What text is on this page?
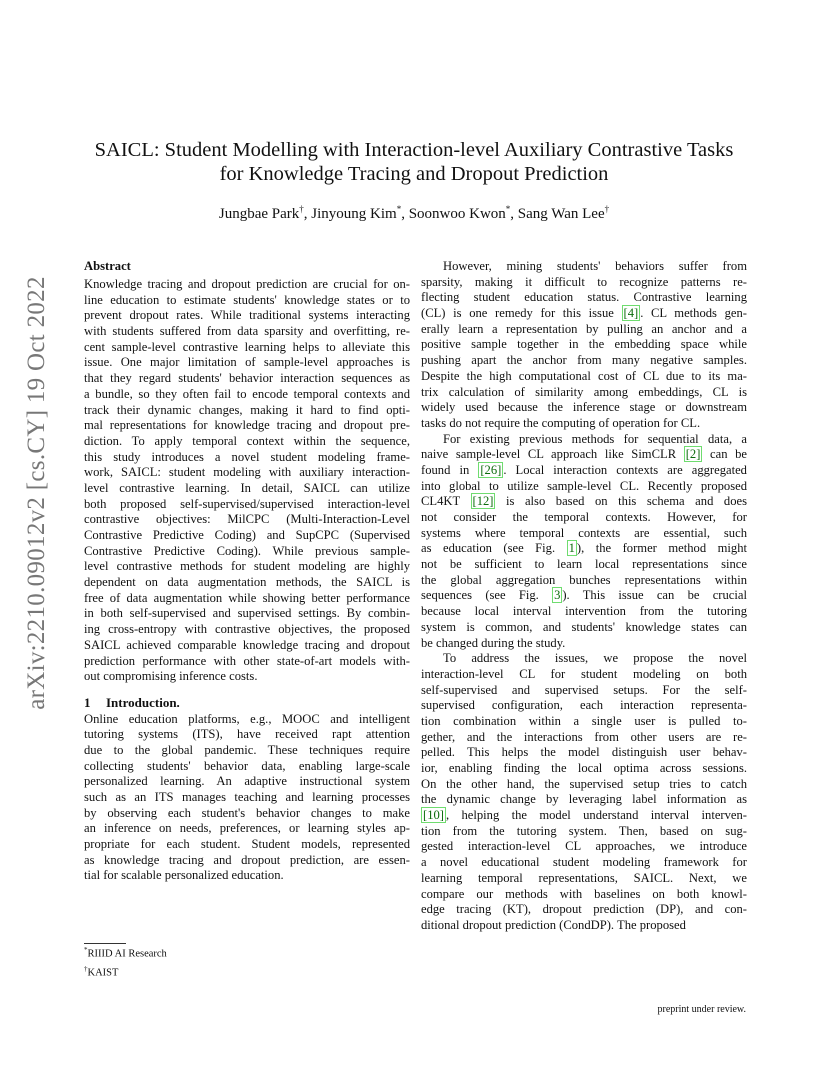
arXiv:2210.09012v2 [cs.CY] 19 Oct 2022
SAICL: Student Modelling with Interaction-level Auxiliary Contrastive Tasks
for Knowledge Tracing and Dropout Prediction
Jungbae Park†, Jinyoung Kim*, Soonwoo Kwon*, Sang Wan Lee†
Abstract
Knowledge tracing and dropout prediction are crucial for on-
line education to estimate students' knowledge states or to
prevent dropout rates. While traditional systems interacting
with students suffered from data sparsity and overfitting, re-
cent sample-level contrastive learning helps to alleviate this
issue. One major limitation of sample-level approaches is
that they regard students' behavior interaction sequences as
a bundle, so they often fail to encode temporal contexts and
track their dynamic changes, making it hard to find opti-
mal representations for knowledge tracing and dropout pre-
diction. To apply temporal context within the sequence,
this study introduces a novel student modeling frame-
work, SAICL: student modeling with auxiliary interaction-
level contrastive learning. In detail, SAICL can utilize
both proposed self-supervised/supervised interaction-level
contrastive objectives: MilCPC (Multi-Interaction-Level
Contrastive Predictive Coding) and SupCPC (Supervised
Contrastive Predictive Coding). While previous sample-
level contrastive methods for student modeling are highly
dependent on data augmentation methods, the SAICL is
free of data augmentation while showing better performance
in both self-supervised and supervised settings. By combin-
ing cross-entropy with contrastive objectives, the proposed
SAICL achieved comparable knowledge tracing and dropout
prediction performance with other state-of-art models with-
out compromising inference costs.
1 Introduction.
Online education platforms, e.g., MOOC and intelligent
tutoring systems (ITS), have received rapt attention
due to the global pandemic. These techniques require
collecting students' behavior data, enabling large-scale
personalized learning. An adaptive instructional system
such as an ITS manages teaching and learning processes
by observing each student's behavior changes to make
an inference on needs, preferences, or learning styles ap-
propriate for each student. Student models, represented
as knowledge tracing and dropout prediction, are essen-
tial for scalable personalized education.
However, mining students' behaviors suffer from
sparsity, making it difficult to recognize patterns re-
flecting student education status. Contrastive learning
(CL) is one remedy for this issue [4] . CL methods gen-
erally learn a representation by pulling an anchor and a
positive sample together in the embedding space while
pushing apart the anchor from many negative samples.
Despite the high computational cost of CL due to its ma-
trix calculation of similarity among embeddings, CL is
widely used because the inference stage or downstream
tasks do not require the computing of operation for CL.
For existing previous methods for sequential data, a
naive sample-level CL approach like SimCLR [2] can be
found in [26] . Local interaction contexts are aggregated
into global to utilize sample-level CL. Recently proposed
CL4KT [12] is also based on this schema and does
not consider the temporal contexts. However, for
systems where temporal contexts are essential, such
as education (see Fig. 1 ), the former method might
not be sufficient to learn local representations since
the global aggregation bunches representations within
sequences (see Fig. 3 ). This issue can be crucial
because local interval intervention from the tutoring
system is common, and students' knowledge states can
be changed during the study.
To address the issues, we propose the novel
interaction-level CL for student modeling on both
self-supervised and supervised setups. For the self-
supervised configuration, each interaction representa-
tion combination within a single user is pulled to-
gether, and the interactions from other users are re-
pelled. This helps the model distinguish user behav-
ior, enabling finding the local optima across sessions.
On the other hand, the supervised setup tries to catch
the dynamic change by leveraging label information as
[10] , helping the model understand interval interven-
tion from the tutoring system. Then, based on sug-
gested interaction-level CL approaches, we introduce
a novel educational student modeling framework for
learning temporal representations, SAICL. Next, we
compare our methods with baselines on both knowl-
edge tracing (KT), dropout prediction (DP), and con-
ditional dropout prediction (CondDP). The proposed
*RIIID AI Research
†KAIST
preprint under review.
